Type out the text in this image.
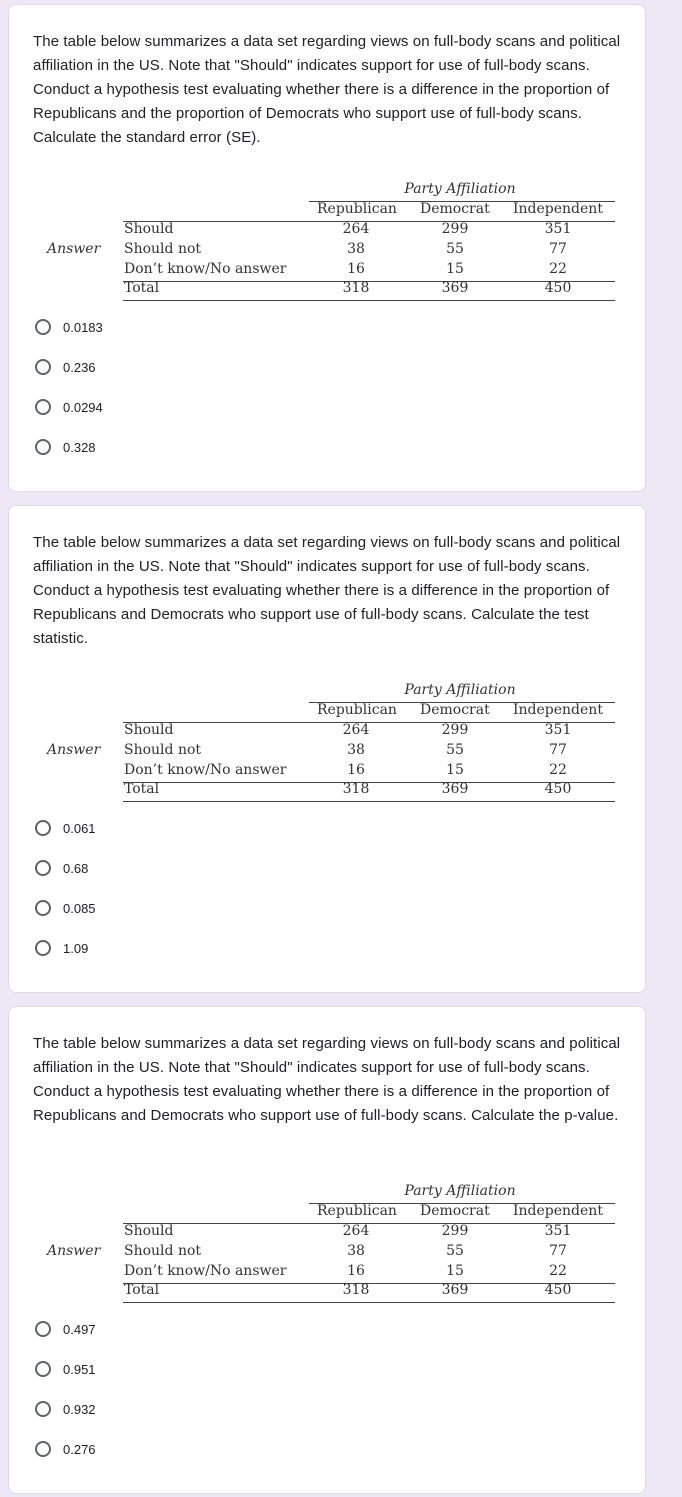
The table below summarizes a data set regarding views on full-body scans and political affiliation in the US. Note that "Should" indicates support for use of full-body scans. Conduct a hypothesis test evaluating whether there is a difference in the proportion of Republicans and the proportion of Democrats who support use of full-body scans. Calculate the standard error (SE).

Party Affiliation
Republican Democrat Independent
Answer
Should	264	299	351
Should not	38	55	77
Don’t know/No answer	16	15	22
Total	318	369	450
0.0183
0.236
0.0294
0.328

The table below summarizes a data set regarding views on full-body scans and political affiliation in the US. Note that "Should" indicates support for use of full-body scans. Conduct a hypothesis test evaluating whether there is a difference in the proportion of Republicans and Democrats who support use of full-body scans. Calculate the test statistic.

Party Affiliation
Republican Democrat Independent
Answer
Should	264	299	351
Should not	38	55	77
Don’t know/No answer	16	15	22
Total	318	369	450
0.061
0.68
0.085
1.09

The table below summarizes a data set regarding views on full-body scans and political affiliation in the US. Note that "Should" indicates support for use of full-body scans. Conduct a hypothesis test evaluating whether there is a difference in the proportion of Republicans and Democrats who support use of full-body scans. Calculate the p-value.

Party Affiliation
Republican Democrat Independent
Answer
Should	264	299	351
Should not	38	55	77
Don’t know/No answer	16	15	22
Total	318	369	450
0.497
0.951
0.932
0.276
